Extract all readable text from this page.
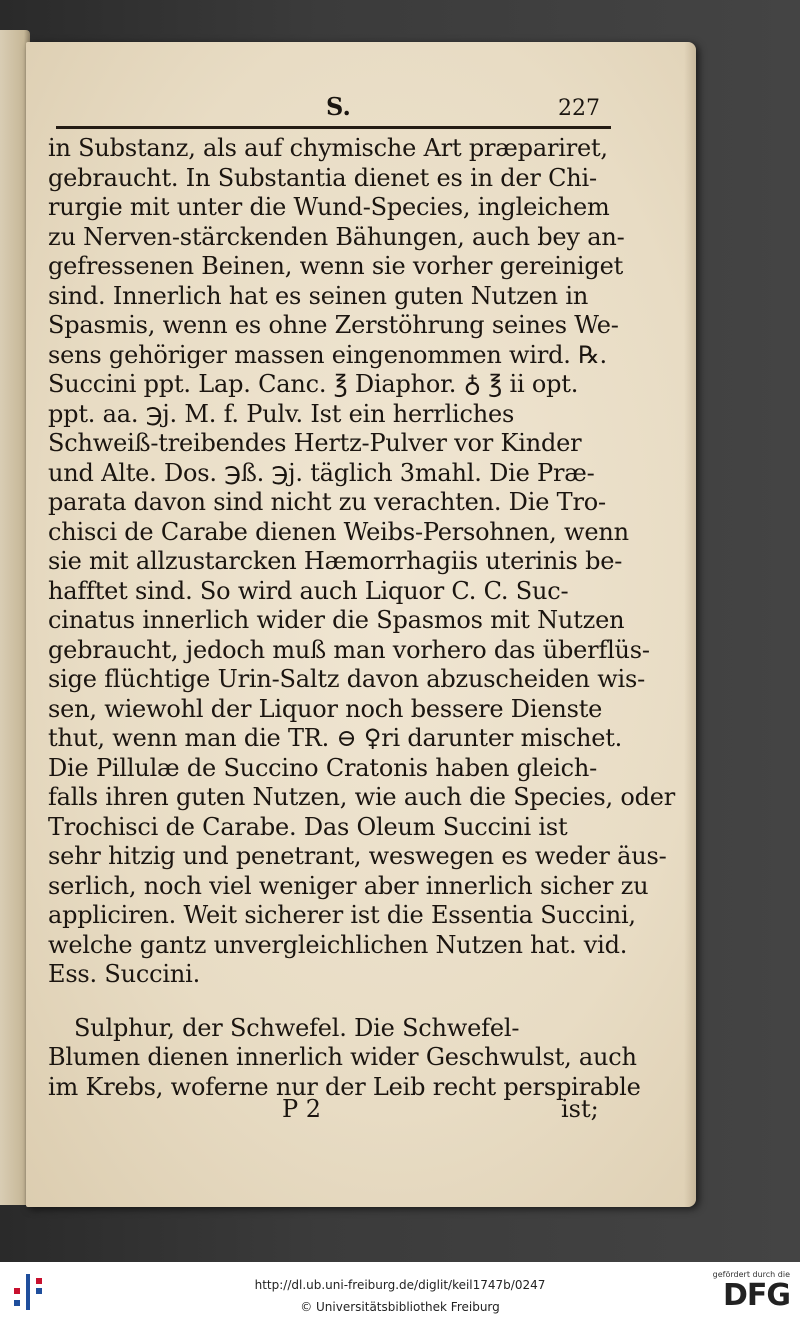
S.	227
in Substanz, als auf chymische Art præpariret,
gebraucht. In Substantia dienet es in der Chi-
rurgie mit unter die Wund-Species, ingleichem
zu Nerven-stärckenden Bähungen, auch bey an-
gefressenen Beinen, wenn sie vorher gereiniget
sind. Innerlich hat es seinen guten Nutzen in
Spasmis, wenn es ohne Zerstöhrung seines We-
sens gehöriger massen eingenommen wird. ℞.
Succini ppt. Lap. Canc. ℥ Diaphor. ♁ ℥ ii opt.
ppt. aa. ℈j. M. f. Pulv. Ist ein herrliches
Schweiß-treibendes Hertz-Pulver vor Kinder
und Alte. Dos. ℈ß. ℈j. täglich 3mahl. Die Præ-
parata davon sind nicht zu verachten. Die Tro-
chisci de Carabe dienen Weibs-Persohnen, wenn
sie mit allzustarcken Hæmorrhagiis uterinis be-
hafftet sind. So wird auch Liquor C. C. Suc-
cinatus innerlich wider die Spasmos mit Nutzen
gebraucht, jedoch muß man vorhero das überflüs-
sige flüchtige Urin-Saltz davon abzuscheiden wis-
sen, wiewohl der Liquor noch bessere Dienste
thut, wenn man die TR. ⊖ ♀ri darunter mischet.
Die Pillulæ de Succino Cratonis haben gleich-
falls ihren guten Nutzen, wie auch die Species, oder
Trochisci de Carabe. Das Oleum Succini ist
sehr hitzig und penetrant, weswegen es weder äus-
serlich, noch viel weniger aber innerlich sicher zu
appliciren. Weit sicherer ist die Essentia Succini,
welche gantz unvergleichlichen Nutzen hat. vid.
Ess. Succini.
Sulphur, der Schwefel. Die Schwefel-
Blumen dienen innerlich wider Geschwulst, auch
im Krebs, woferne nur der Leib recht perspirable
P 2	ist;
http://dl.ub.uni-freiburg.de/diglit/keil1747b/0247
© Universitätsbibliothek Freiburg
gefördert durch die
DFG
